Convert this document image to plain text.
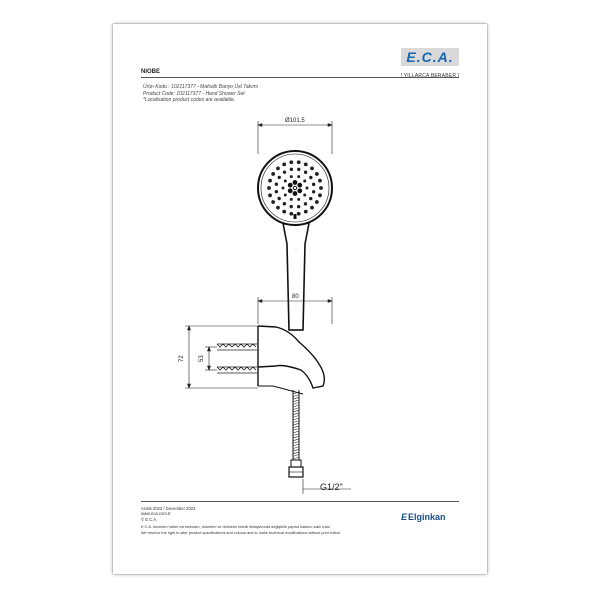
E.C.A.
[ YILLARCA BERABER ]
NIOBE
Ürün Kodu : 102117377 - Mafsallı Banyo Üst Takımı
Product Code: 102117377 - Hand Shower Set
*Localisation product codes are available.
Ø101.5
80
72 53
G1/2"
Aralık 2023 / December 2023
www.eca.com.tr
© E.C.A.	EElginkan
E.C.A. önceden haber vermeksizin, ürünlerin ve ürünlerin teknik detaylarında değişiklik yapma hakkını saklı tutar.
We reserve the right to alter product specifications and colours and to make technical modifications without prior notice.
